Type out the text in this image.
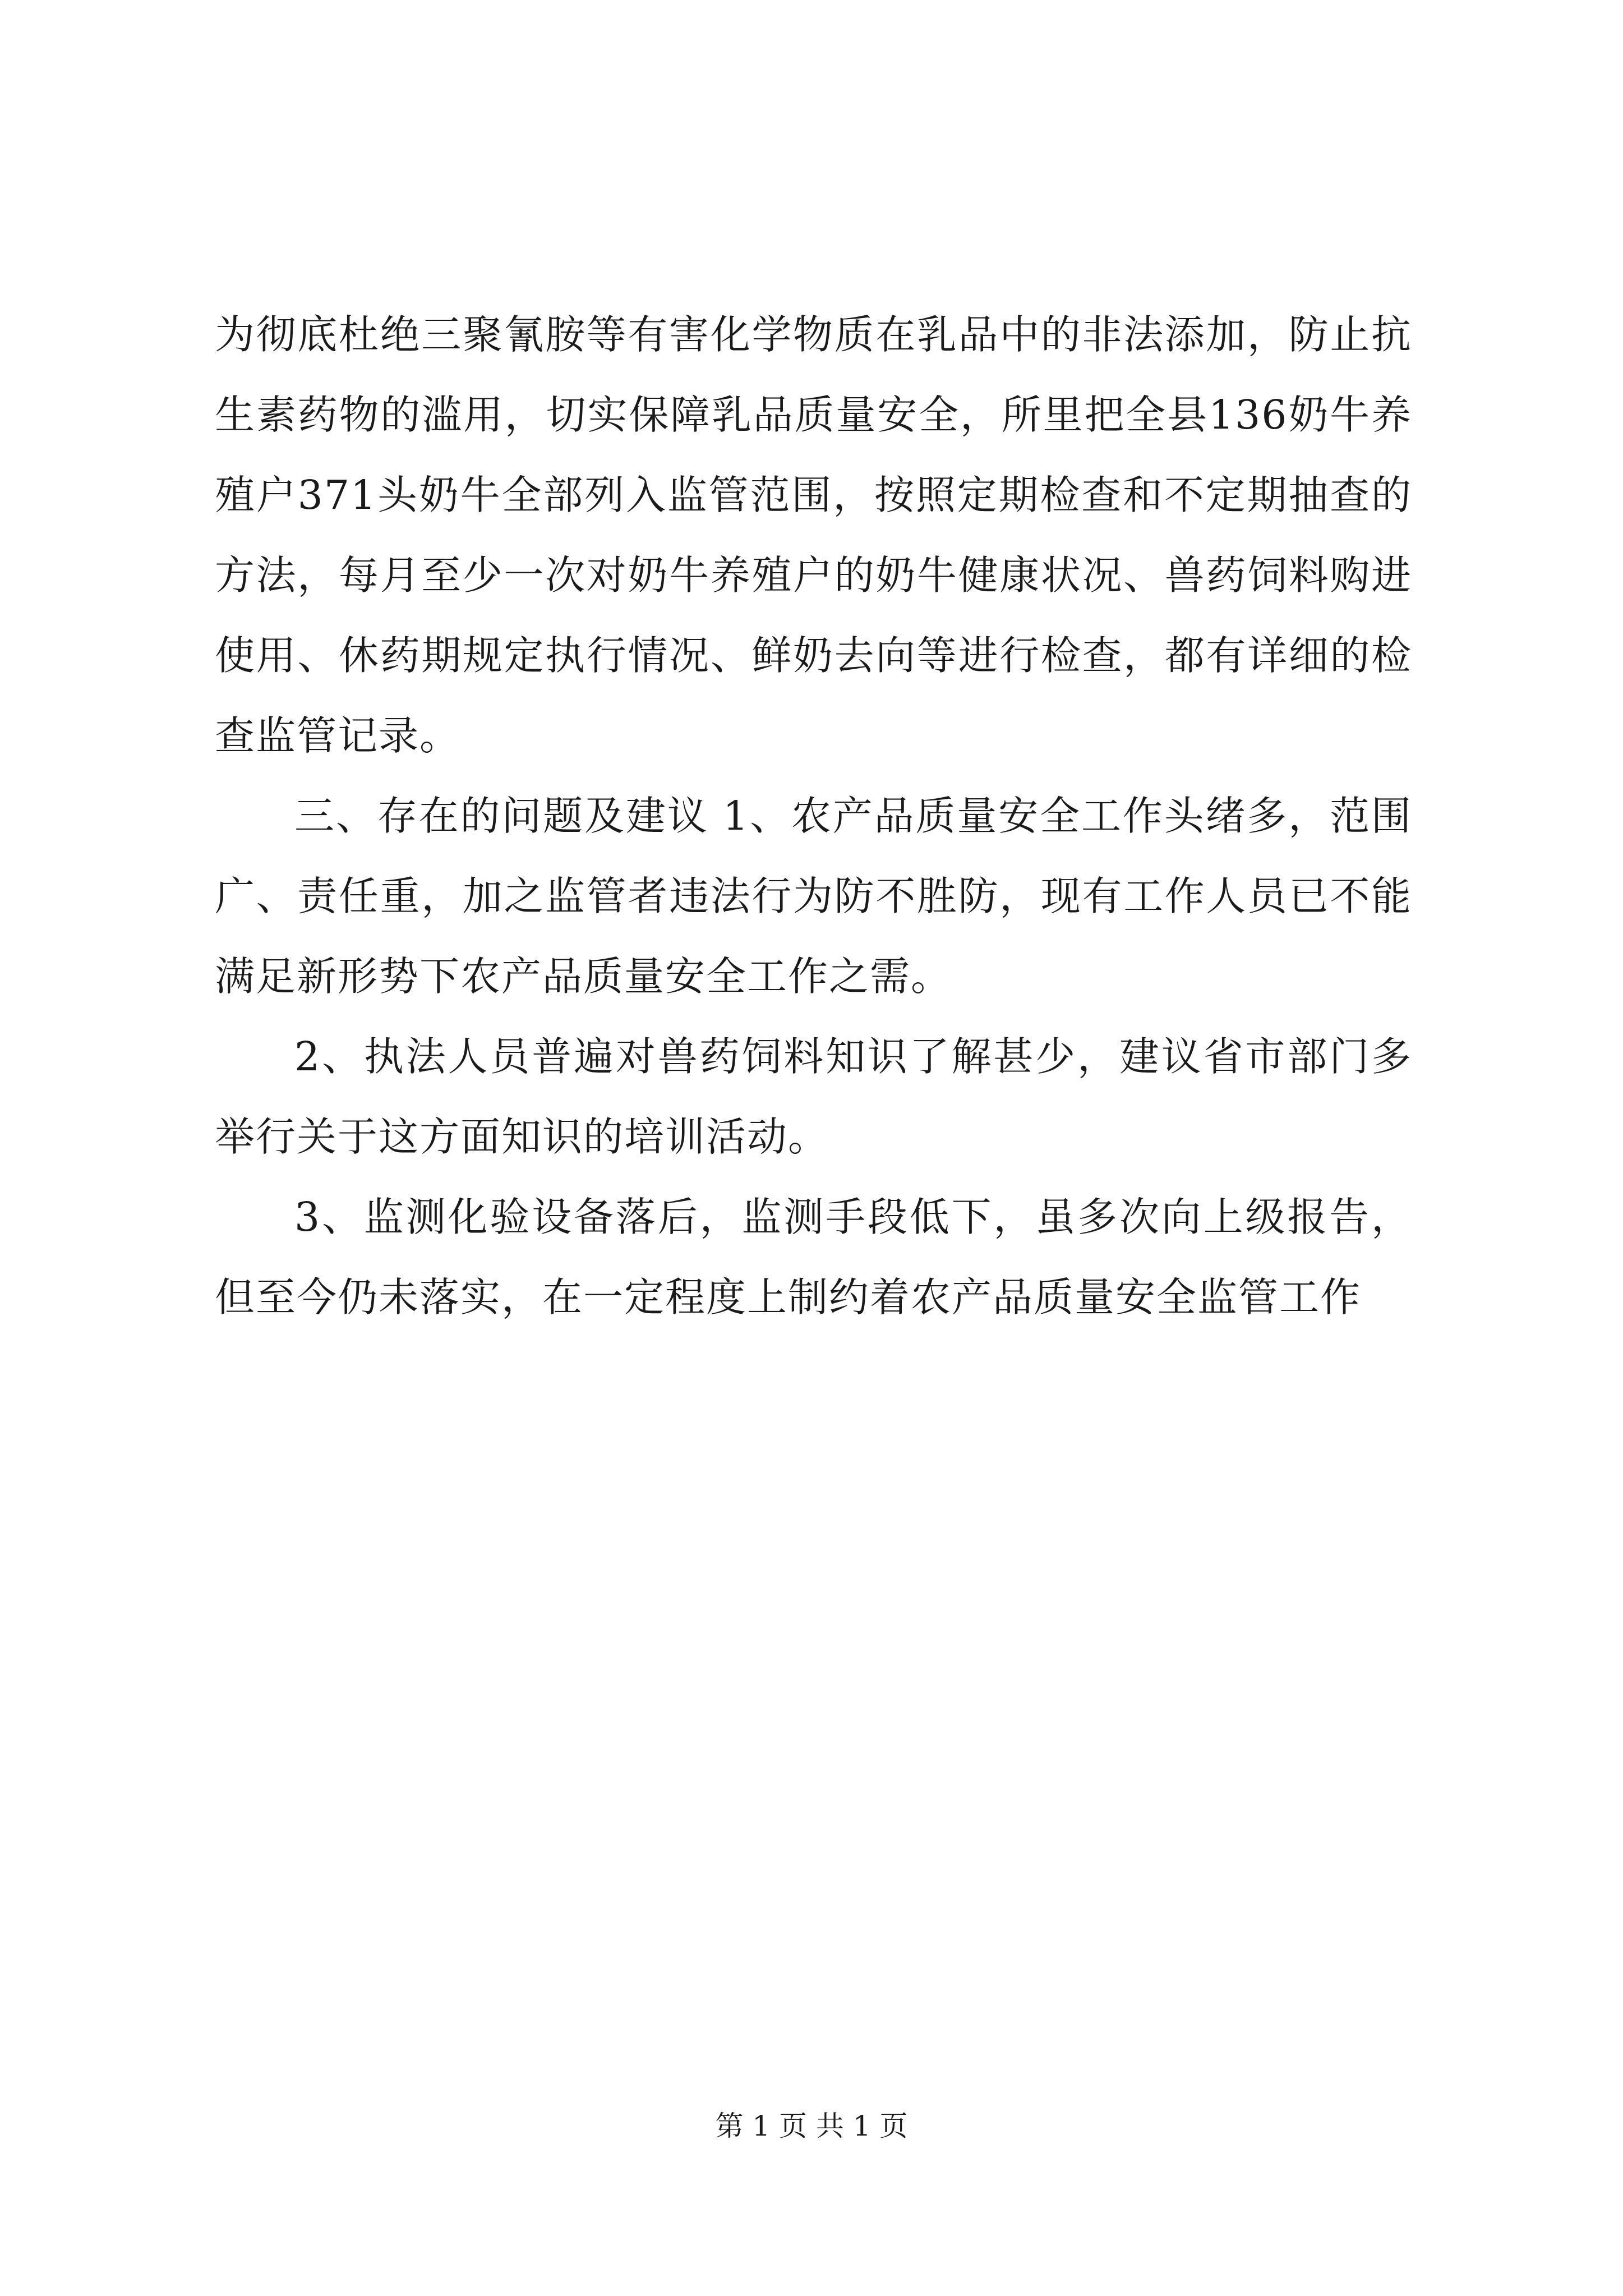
为彻底杜绝三聚氰胺等有害化学物质在乳品中的非法添加，防止抗生素药物的滥用，切实保障乳品质量安全，所里把全县136奶牛养殖户371头奶牛全部列入监管范围，按照定期检查和不定期抽查的方法，每月至少一次对奶牛养殖户的奶牛健康状况、兽药饲料购进使用、休药期规定执行情况、鲜奶去向等进行检查，都有详细的检查监管记录。

三、存在的问题及建议 1、农产品质量安全工作头绪多，范围广、责任重，加之监管者违法行为防不胜防，现有工作人员已不能满足新形势下农产品质量安全工作之需。

2、执法人员普遍对兽药饲料知识了解甚少，建议省市部门多举行关于这方面知识的培训活动。

3、监测化验设备落后，监测手段低下，虽多次向上级报告，但至今仍未落实，在一定程度上制约着农产品质量安全监管工作

第 1 页 共 1 页
